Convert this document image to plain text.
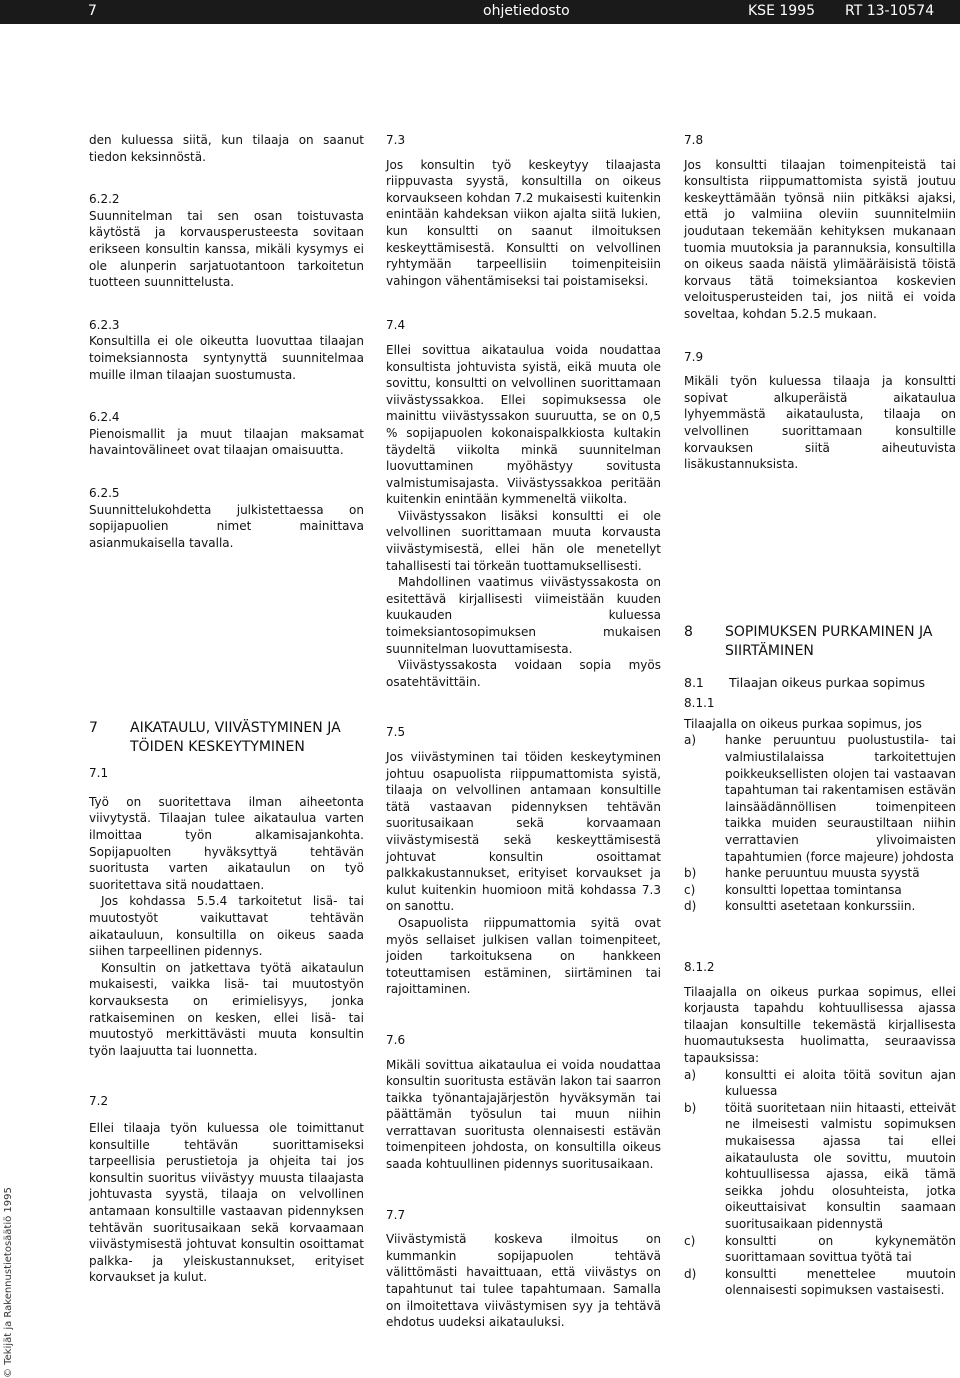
7	ohjetiedosto	KSE 1995 RT 13-10574
© Tekijät ja Rakennustietosäätiö 1995

den kuluessa siitä, kun tilaaja on saanut tiedon keksinnöstä.

6.2.2

Suunnitelman tai sen osan toistuvasta käytöstä ja korvausperusteesta sovitaan erikseen konsultin kanssa, mikäli kysymys ei ole alunperin sarjatuotantoon tarkoitetun tuotteen suunnittelusta.

6.2.3

Konsultilla ei ole oikeutta luovuttaa tilaajan toimeksiannosta syntynyttä suunnitelmaa muille ilman tilaajan suostumusta.

6.2.4

Pienoismallit ja muut tilaajan maksamat havaintovälineet ovat tilaajan omaisuutta.

6.2.5

Suunnittelukohdetta julkistettaessa on sopijapuolien nimet mainittava asianmukaisella tavalla.

7 AIKATAULU, VIIVÄSTYMINEN JA TÖIDEN KESKEYTYMINEN

7.1

Työ on suoritettava ilman aiheetonta viivytystä. Tilaajan tulee aikataulua varten ilmoittaa työn alkamisajankohta. Sopijapuolten hyväksyttyä tehtävän suoritusta varten aikataulun on työ suoritettava sitä noudattaen.

Jos kohdassa 5.5.4 tarkoitetut lisä- tai muutostyöt vaikuttavat tehtävän aikatauluun, konsultilla on oikeus saada siihen tarpeellinen pidennys.

Konsultin on jatkettava työtä aikataulun mukaisesti, vaikka lisä- tai muutostyön korvauksesta on erimielisyys, jonka ratkaiseminen on kesken, ellei lisä- tai muutostyö merkittävästi muuta konsultin työn laajuutta tai luonnetta.

7.2

Ellei tilaaja työn kuluessa ole toimittanut konsultille tehtävän suorittamiseksi tarpeellisia perustietoja ja ohjeita tai jos konsultin suoritus viivästyy muusta tilaajasta johtuvasta syystä, tilaaja on velvollinen antamaan konsultille vastaavan pidennyksen tehtävän suoritusaikaan sekä korvaamaan viivästymisestä johtuvat konsultin osoittamat palkka- ja yleiskustannukset, erityiset korvaukset ja kulut.

7.3

Jos konsultin työ keskeytyy tilaajasta riippuvasta syystä, konsultilla on oikeus korvaukseen kohdan 7.2 mukaisesti kuitenkin enintään kahdeksan viikon ajalta siitä lukien, kun konsultti on saanut ilmoituksen keskeyttämisestä. Konsultti on velvollinen ryhtymään tarpeellisiin toimenpiteisiin vahingon vähentämiseksi tai poistamiseksi.

7.4

Ellei sovittua aikataulua voida noudattaa konsultista johtuvista syistä, eikä muuta ole sovittu, konsultti on velvollinen suorittamaan viivästyssakkoa. Ellei sopimuksessa ole mainittu viivästyssakon suuruutta, se on 0,5 % sopijapuolen kokonaispalkkiosta kultakin täydeltä viikolta minkä suunnitelman luovuttaminen myöhästyy sovitusta valmistumisajasta. Viivästyssakkoa peritään kuitenkin enintään kymmeneltä viikolta.

Viivästyssakon lisäksi konsultti ei ole velvollinen suorittamaan muuta korvausta viivästymisestä, ellei hän ole menetellyt tahallisesti tai törkeän tuottamuksellisesti.

Mahdollinen vaatimus viivästyssakosta on esitettävä kirjallisesti viimeistään kuuden kuukauden kuluessa toimeksiantosopimuksen mukaisen suunnitelman luovuttamisesta.

Viivästyssakosta voidaan sopia myös osatehtävittäin.

7.5

Jos viivästyminen tai töiden keskeytyminen johtuu osapuolista riippumattomista syistä, tilaaja on velvollinen antamaan konsultille tätä vastaavan pidennyksen tehtävän suoritusaikaan sekä korvaamaan viivästymisestä sekä keskeyttämisestä johtuvat konsultin osoittamat palkkakustannukset, erityiset korvaukset ja kulut kuitenkin huomioon mitä kohdassa 7.3 on sanottu.

Osapuolista riippumattomia syitä ovat myös sellaiset julkisen vallan toimenpiteet, joiden tarkoituksena on hankkeen toteuttamisen estäminen, siirtäminen tai rajoittaminen.

7.6

Mikäli sovittua aikataulua ei voida noudattaa konsultin suoritusta estävän lakon tai saarron taikka työnantajajärjestön hyväksymän tai päättämän työsulun tai muun niihin verrattavan suoritusta olennaisesti estävän toimenpiteen johdosta, on konsultilla oikeus saada kohtuullinen pidennys suoritusaikaan.

7.7

Viivästymistä koskeva ilmoitus on kummankin sopijapuolen tehtävä välittömästi havaittuaan, että viivästys on tapahtunut tai tulee tapahtumaan. Samalla on ilmoitettava viivästymisen syy ja tehtävä ehdotus uudeksi aikatauluksi.

7.8

Jos konsultti tilaajan toimenpiteistä tai konsultista riippumattomista syistä joutuu keskeyttämään työnsä niin pitkäksi ajaksi, että jo valmiina oleviin suunnitelmiin joudutaan tekemään kehityksen mukanaan tuomia muutoksia ja parannuksia, konsultilla on oikeus saada näistä ylimääräisistä töistä korvaus tätä toimeksiantoa koskevien veloitusperusteiden tai, jos niitä ei voida soveltaa, kohdan 5.2.5 mukaan.

7.9

Mikäli työn kuluessa tilaaja ja konsultti sopivat alkuperäistä aikataulua lyhyemmästä aikataulusta, tilaaja on velvollinen suorittamaan konsultille korvauksen siitä aiheutuvista lisäkustannuksista.

8 SOPIMUKSEN PURKAMINEN JA SIIRTÄMINEN
8.1 Tilaajan oikeus purkaa sopimus

8.1.1

Tilaajalla on oikeus purkaa sopimus, jos

a) hanke peruuntuu puolustustila- tai valmiustilalaissa tarkoitettujen poikkeuksellisten olojen tai vastaavan tapahtuman tai rakentamisen estävän lainsäädännöllisen toimenpiteen taikka muiden seuraustiltaan niihin verrattavien ylivoimaisten tapahtumien (force majeure) johdosta
b) hanke peruuntuu muusta syystä
c) konsultti lopettaa tomintansa
d) konsultti asetetaan konkurssiin.

8.1.2

Tilaajalla on oikeus purkaa sopimus, ellei korjausta tapahdu kohtuullisessa ajassa tilaajan konsultille tekemästä kirjallisesta huomautuksesta huolimatta, seuraavissa tapauksissa:

a) konsultti ei aloita töitä sovitun ajan kuluessa
b) töitä suoritetaan niin hitaasti, etteivät ne ilmeisesti valmistu sopimuksen mukaisessa ajassa tai ellei aikataulusta ole sovittu, muutoin kohtuullisessa ajassa, eikä tämä seikka johdu olosuhteista, jotka oikeuttaisivat konsultin saamaan suoritusaikaan pidennystä
c) konsultti on kykynemätön suorittamaan sovittua työtä tai
d) konsultti menettelee muutoin olennaisesti sopimuksen vastaisesti.
